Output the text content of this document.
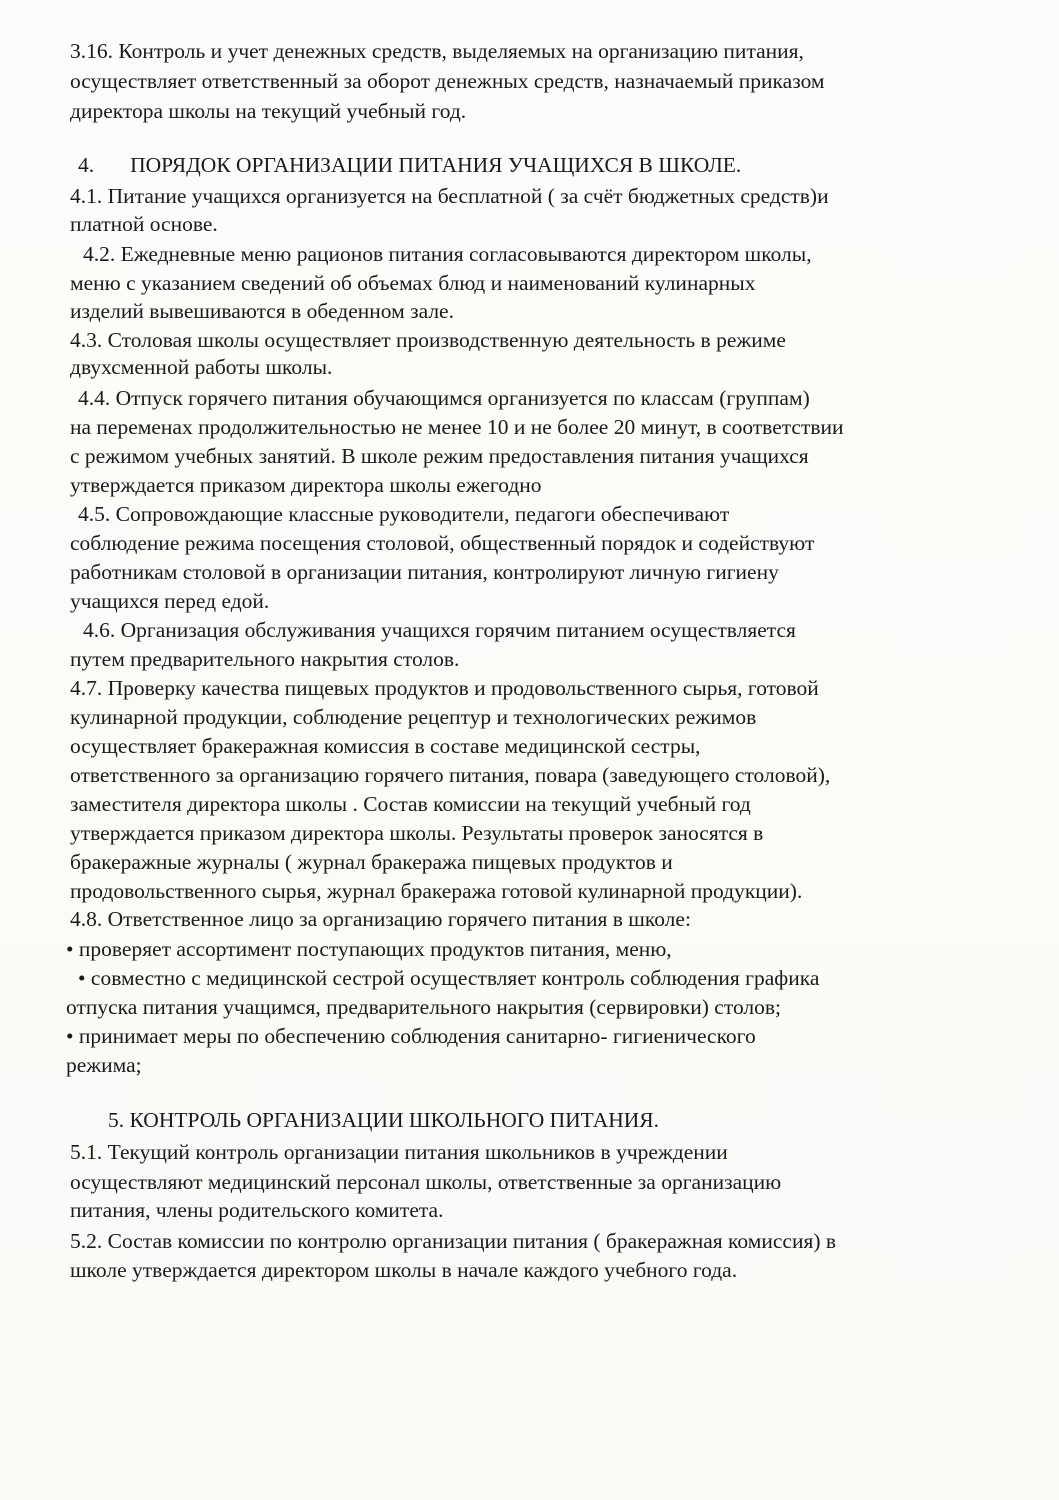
3.16. Контроль и учет денежных средств, выделяемых на организацию питания,
осуществляет ответственный за оборот денежных средств, назначаемый приказом
директора школы на текущий учебный год.
4. ПОРЯДОК ОРГАНИЗАЦИИ ПИТАНИЯ УЧАЩИХСЯ В ШКОЛЕ.
4.1. Питание учащихся организуется на бесплатной ( за счёт бюджетных средств)и
платной основе.
4.2. Ежедневные меню рационов питания согласовываются директором школы,
меню с указанием сведений об объемах блюд и наименований кулинарных
изделий вывешиваются в обеденном зале.
4.3. Столовая школы осуществляет производственную деятельность в режиме
двухсменной работы школы.
4.4. Отпуск горячего питания обучающимся организуется по классам (группам)
на переменах продолжительностью не менее 10 и не более 20 минут, в соответствии
с режимом учебных занятий. В школе режим предоставления питания учащихся
утверждается приказом директора школы ежегодно
4.5. Сопровождающие классные руководители, педагоги обеспечивают
соблюдение режима посещения столовой, общественный порядок и содействуют
работникам столовой в организации питания, контролируют личную гигиену
учащихся перед едой.
4.6. Организация обслуживания учащихся горячим питанием осуществляется
путем предварительного накрытия столов.
4.7. Проверку качества пищевых продуктов и продовольственного сырья, готовой
кулинарной продукции, соблюдение рецептур и технологических режимов
осуществляет бракеражная комиссия в составе медицинской сестры,
ответственного за организацию горячего питания, повара (заведующего столовой),
заместителя директора школы . Состав комиссии на текущий учебный год
утверждается приказом директора школы. Результаты проверок заносятся в
бракеражные журналы ( журнал бракеража пищевых продуктов и
продовольственного сырья, журнал бракеража готовой кулинарной продукции).
4.8. Ответственное лицо за организацию горячего питания в школе:
• проверяет ассортимент поступающих продуктов питания, меню,
• совместно с медицинской сестрой осуществляет контроль соблюдения графика
отпуска питания учащимся, предварительного накрытия (сервировки) столов;
• принимает меры по обеспечению соблюдения санитарно- гигиенического
режима;
5. КОНТРОЛЬ ОРГАНИЗАЦИИ ШКОЛЬНОГО ПИТАНИЯ.
5.1. Текущий контроль организации питания школьников в учреждении
осуществляют медицинский персонал школы, ответственные за организацию
питания, члены родительского комитета.
5.2. Состав комиссии по контролю организации питания ( бракеражная комиссия) в
школе утверждается директором школы в начале каждого учебного года.
